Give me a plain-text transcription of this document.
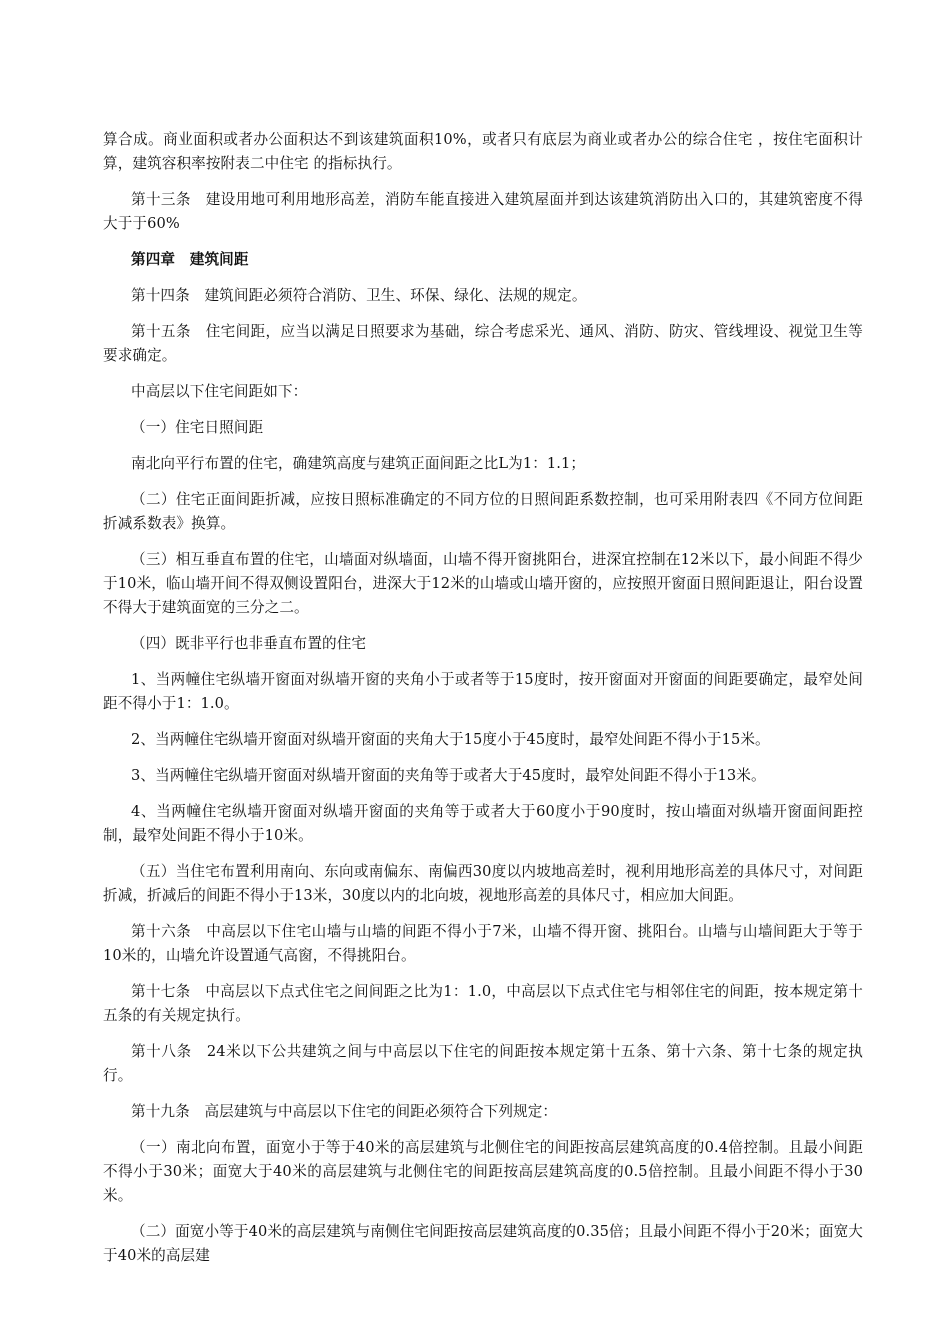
算合成。商业面积或者办公面积达不到该建筑面积10%，或者只有底层为商业或者办公的综合住宅 ，按住宅面积计算，建筑容积率按附表二中住宅 的指标执行。

第十三条　建设用地可利用地形高差，消防车能直接进入建筑屋面并到达该建筑消防出入口的，其建筑密度不得大于于60%

第四章　建筑间距

第十四条　建筑间距必须符合消防、卫生、环保、绿化、法规的规定。

第十五条　住宅间距，应当以满足日照要求为基础，综合考虑采光、通风、消防、防灾、管线埋设、视觉卫生等要求确定。

中高层以下住宅间距如下：

（一）住宅日照间距

南北向平行布置的住宅，确建筑高度与建筑正面间距之比L为1：1.1；

（二）住宅正面间距折减，应按日照标准确定的不同方位的日照间距系数控制，也可采用附表四《不同方位间距折减系数表》换算。

（三）相互垂直布置的住宅，山墙面对纵墙面，山墙不得开窗挑阳台，进深宜控制在12米以下，最小间距不得少于10米，临山墙开间不得双侧设置阳台，进深大于12米的山墙或山墙开窗的，应按照开窗面日照间距退让，阳台设置不得大于建筑面宽的三分之二。

（四）既非平行也非垂直布置的住宅

1、当两幢住宅纵墙开窗面对纵墙开窗的夹角小于或者等于15度时，按开窗面对开窗面的间距要确定，最窄处间距不得小于1：1.0。

2、当两幢住宅纵墙开窗面对纵墙开窗面的夹角大于15度小于45度时，最窄处间距不得小于15米。

3、当两幢住宅纵墙开窗面对纵墙开窗面的夹角等于或者大于45度时，最窄处间距不得小于13米。

4、当两幢住宅纵墙开窗面对纵墙开窗面的夹角等于或者大于60度小于90度时，按山墙面对纵墙开窗面间距控制，最窄处间距不得小于10米。

（五）当住宅布置利用南向、东向或南偏东、南偏西30度以内坡地高差时，视利用地形高差的具体尺寸，对间距折减，折减后的间距不得小于13米，30度以内的北向坡，视地形高差的具体尺寸，相应加大间距。

第十六条　中高层以下住宅山墙与山墙的间距不得小于7米，山墙不得开窗、挑阳台。山墙与山墙间距大于等于10米的，山墙允许设置通气高窗，不得挑阳台。

第十七条　中高层以下点式住宅之间间距之比为1：1.0，中高层以下点式住宅与相邻住宅的间距，按本规定第十五条的有关规定执行。

第十八条　24米以下公共建筑之间与中高层以下住宅的间距按本规定第十五条、第十六条、第十七条的规定执行。

第十九条　高层建筑与中高层以下住宅的间距必须符合下列规定：

（一）南北向布置，面宽小于等于40米的高层建筑与北侧住宅的间距按高层建筑高度的0.4倍控制。且最小间距不得小于30米；面宽大于40米的高层建筑与北侧住宅的间距按高层建筑高度的0.5倍控制。且最小间距不得小于30米。

（二）面宽小等于40米的高层建筑与南侧住宅间距按高层建筑高度的0.35倍；且最小间距不得小于20米；面宽大于40米的高层建
